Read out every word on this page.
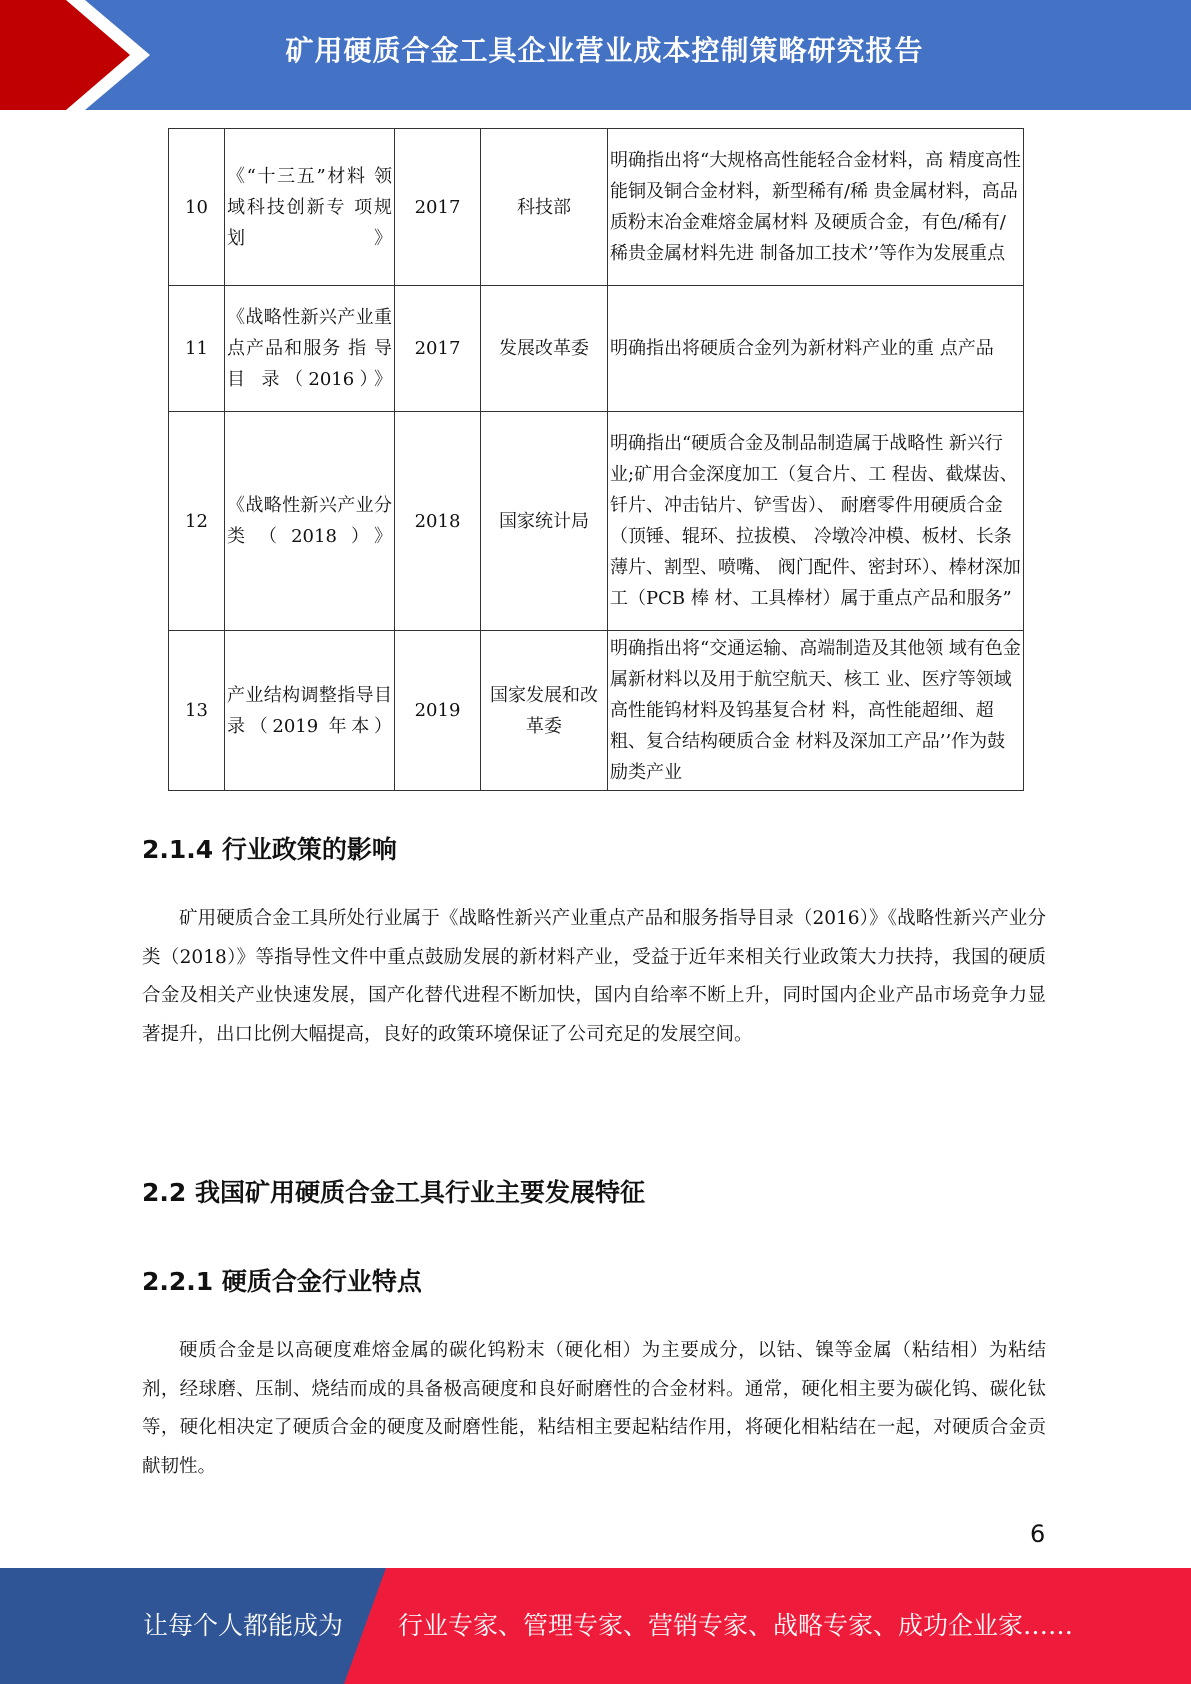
矿用硬质合金工具企业营业成本控制策略研究报告
10	《“十三五”材料 领域科技创新专 项规划》	2017	科技部	明确指出将“大规格高性能轻合金材料，高 精度高性能铜及铜合金材料，新型稀有/稀 贵金属材料，高品质粉末冶金难熔金属材料 及硬质合金，有色/稀有/稀贵金属材料先进 制备加工技术’’等作为发展重点
11	《战略性新兴产业重点产品和服务 指 导 目 录（2016）》	2017	发展改革委	明确指出将硬质合金列为新材料产业的重 点产品
12	《战略性新兴产业分类（2018）》	2018	国家统计局	明确指出“硬质合金及制品制造属于战略性 新兴行业;矿用合金深度加工（复合片、工 程齿、截煤齿、钎片、冲击钻片、铲雪齿）、 耐磨零件用硬质合金（顶锤、辊环、拉拔模、 冷墩冷冲模、板材、长条薄片、割型、喷嘴、 阀门配件、密封环）、棒材深加工（PCB 棒 材、工具棒材）属于重点产品和服务”
13	产业结构调整指导目录（2019 年本）	2019	国家发展和改革委	明确指出将“交通运输、高端制造及其他领 域有色金属新材料以及用于航空航天、核工 业、医疗等领域高性能钨材料及钨基复合材 料，高性能超细、超粗、复合结构硬质合金 材料及深加工产品’’作为鼓励类产业
2.1.4 行业政策的影响

矿用硬质合金工具所处行业属于《战略性新兴产业重点产品和服务指导目录（2016）》《战略性新兴产业分类（2018）》等指导性文件中重点鼓励发展的新材料产业，受益于近年来相关行业政策大力扶持，我国的硬质合金及相关产业快速发展，国产化替代进程不断加快，国内自给率不断上升，同时国内企业产品市场竞争力显著提升，出口比例大幅提高，良好的政策环境保证了公司充足的发展空间。

2.2 我国矿用硬质合金工具行业主要发展特征
2.2.1 硬质合金行业特点

硬质合金是以高硬度难熔金属的碳化钨粉末（硬化相）为主要成分，以钴、镍等金属（粘结相）为粘结剂，经球磨、压制、烧结而成的具备极高硬度和良好耐磨性的合金材料。通常，硬化相主要为碳化钨、碳化钛等，硬化相决定了硬质合金的硬度及耐磨性能，粘结相主要起粘结作用，将硬化相粘结在一起，对硬质合金贡献韧性。

6
让每个人都能成为 行业专家、管理专家、营销专家、战略专家、成功企业家……
